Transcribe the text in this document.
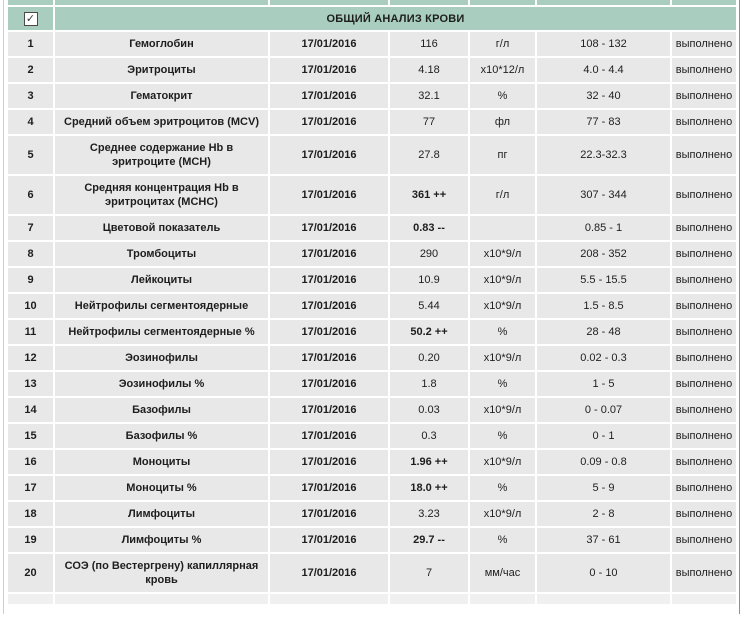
✓	ОБЩИЙ АНАЛИЗ КРОВИ					
1	Гемоглобин	17/01/2016	116	г/л	108 - 132	выполнено
2	Эритроциты	17/01/2016	4.18	х10*12/л	4.0 - 4.4	выполнено
3	Гематокрит	17/01/2016	32.1	%	32 - 40	выполнено
4	Средний объем эритроцитов (MCV)	17/01/2016	77	фл	77 - 83	выполнено
5	Среднее содержание Hb в эритроците (MCH)	17/01/2016	27.8	пг	22.3-32.3	выполнено
6	Средняя концентрация Hb в эритроцитах (MCHC)	17/01/2016	361 ++	г/л	307 - 344	выполнено
7	Цветовой показатель	17/01/2016	0.83 --		0.85 - 1	выполнено
8	Тромбоциты	17/01/2016	290	х10*9/л	208 - 352	выполнено
9	Лейкоциты	17/01/2016	10.9	х10*9/л	5.5 - 15.5	выполнено
10	Нейтрофилы сегментоядерные	17/01/2016	5.44	х10*9/л	1.5 - 8.5	выполнено
11	Нейтрофилы сегментоядерные %	17/01/2016	50.2 ++	%	28 - 48	выполнено
12	Эозинофилы	17/01/2016	0.20	х10*9/л	0.02 - 0.3	выполнено
13	Эозинофилы %	17/01/2016	1.8	%	1 - 5	выполнено
14	Базофилы	17/01/2016	0.03	х10*9/л	0 - 0.07	выполнено
15	Базофилы %	17/01/2016	0.3	%	0 - 1	выполнено
16	Моноциты	17/01/2016	1.96 ++	х10*9/л	0.09 - 0.8	выполнено
17	Моноциты %	17/01/2016	18.0 ++	%	5 - 9	выполнено
18	Лимфоциты	17/01/2016	3.23	х10*9/л	2 - 8	выполнено
19	Лимфоциты %	17/01/2016	29.7 --	%	37 - 61	выполнено
20	СОЭ (по Вестергрену) капиллярная кровь	17/01/2016	7	мм/час	0 - 10	выполнено
